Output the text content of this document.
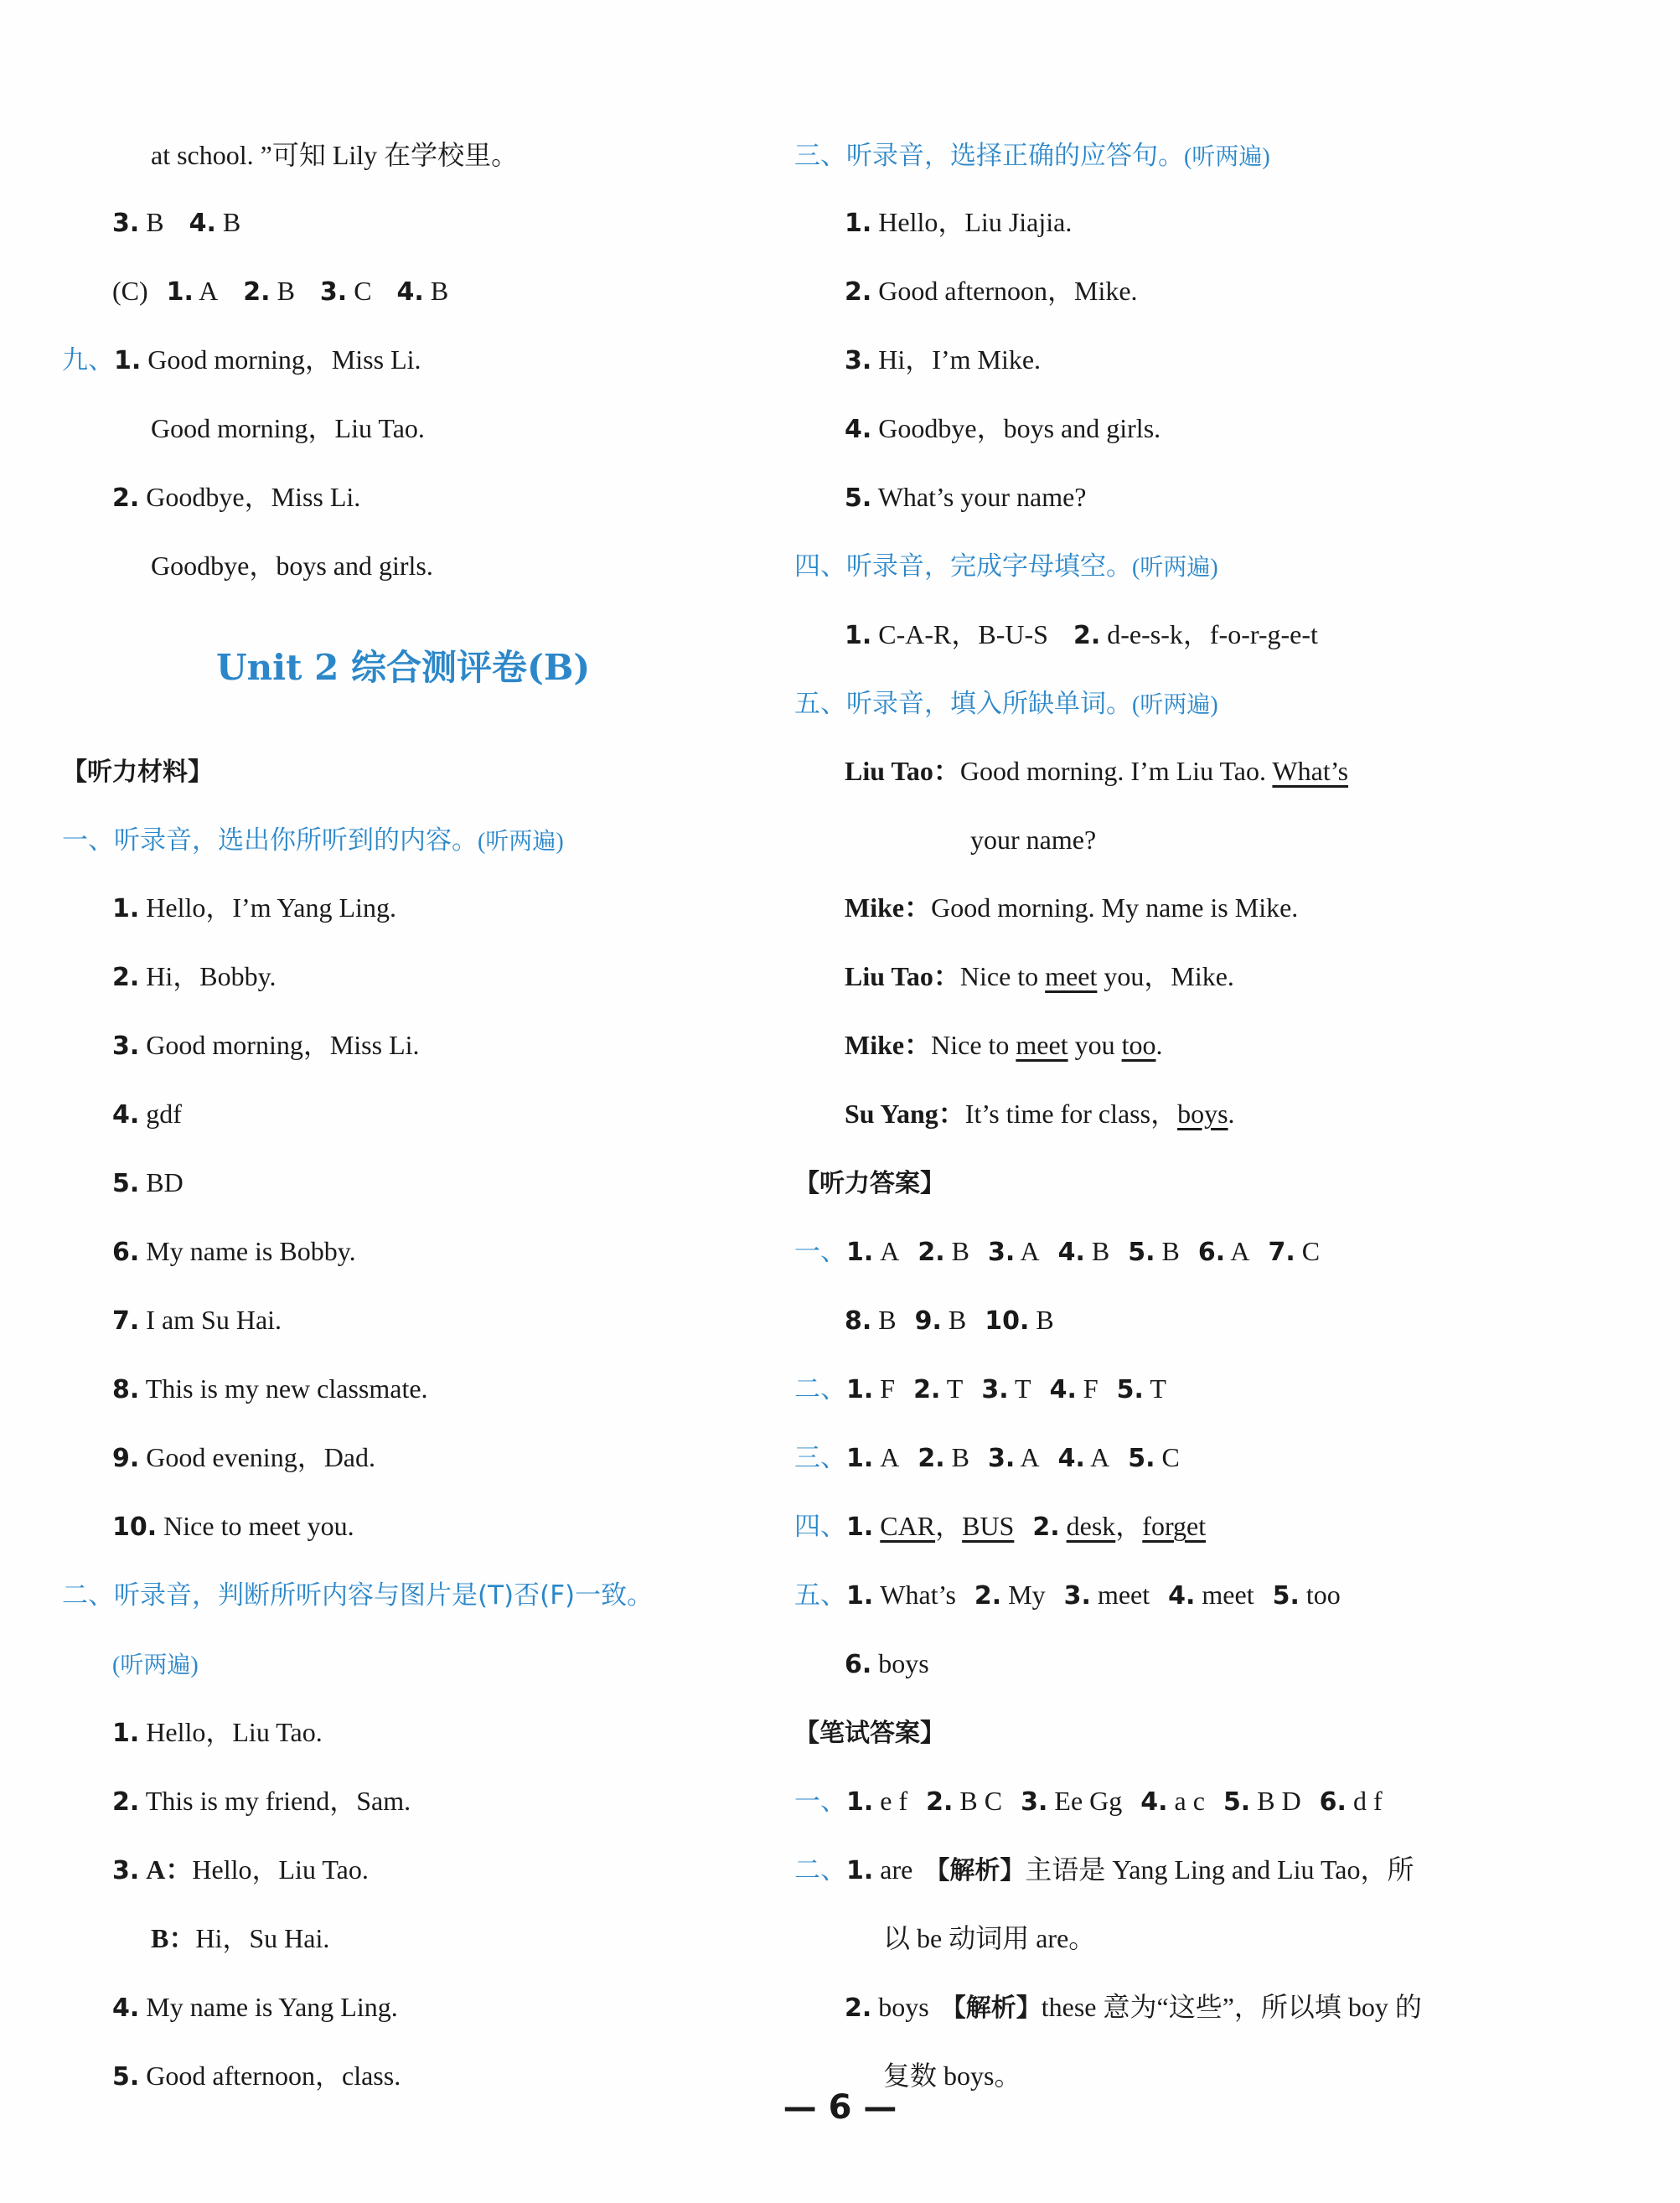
at school. ”可知 Lily 在学校里。
3. B 4. B
(C) 1. A 2. B 3. C 4. B
九、1. Good morning，Miss Li.
Good morning，Liu Tao.
2. Goodbye，Miss Li.
Goodbye，boys and girls.
Unit 2 综合测评卷(B)
【听力材料】
一、听录音，选出你所听到的内容。(听两遍)
1. Hello，I’m Yang Ling.
2. Hi，Bobby.
3. Good morning，Miss Li.
4. gdf
5. BD
6. My name is Bobby.
7. I am Su Hai.
8. This is my new classmate.
9. Good evening，Dad.
10. Nice to meet you.
二、听录音，判断所听内容与图片是(T)否(F)一致。
(听两遍)
1. Hello，Liu Tao.
2. This is my friend，Sam.
3. A：Hello，Liu Tao.
B：Hi，Su Hai.
4. My name is Yang Ling.
5. Good afternoon，class.
三、听录音，选择正确的应答句。(听两遍)
1. Hello，Liu Jiajia.
2. Good afternoon，Mike.
3. Hi，I’m Mike.
4. Goodbye，boys and girls.
5. What’s your name?
四、听录音，完成字母填空。(听两遍)
1. C-A-R，B-U-S 2. d-e-s-k，f-o-r-g-e-t
五、听录音，填入所缺单词。(听两遍)
Liu Tao：Good morning. I’m Liu Tao. What’s
your name?
Mike：Good morning. My name is Mike.
Liu Tao：Nice to meet you，Mike.
Mike：Nice to meet you too.
Su Yang：It’s time for class，boys.
【听力答案】
一、1. A 2. B 3. A 4. B 5. B 6. A 7. C
8. B 9. B 10. B
二、1. F 2. T 3. T 4. F 5. T
三、1. A 2. B 3. A 4. A 5. C
四、1. CAR，BUS 2. desk，forget
五、1. What’s 2. My 3. meet 4. meet 5. too
6. boys
【笔试答案】
一、1. e f 2. B C 3. Ee Gg 4. a c 5. B D 6. d f
二、1. are 【解析】主语是 Yang Ling and Liu Tao，所
以 be 动词用 are。
2. boys 【解析】these 意为“这些”，所以填 boy 的
复数 boys。
— 6 —
